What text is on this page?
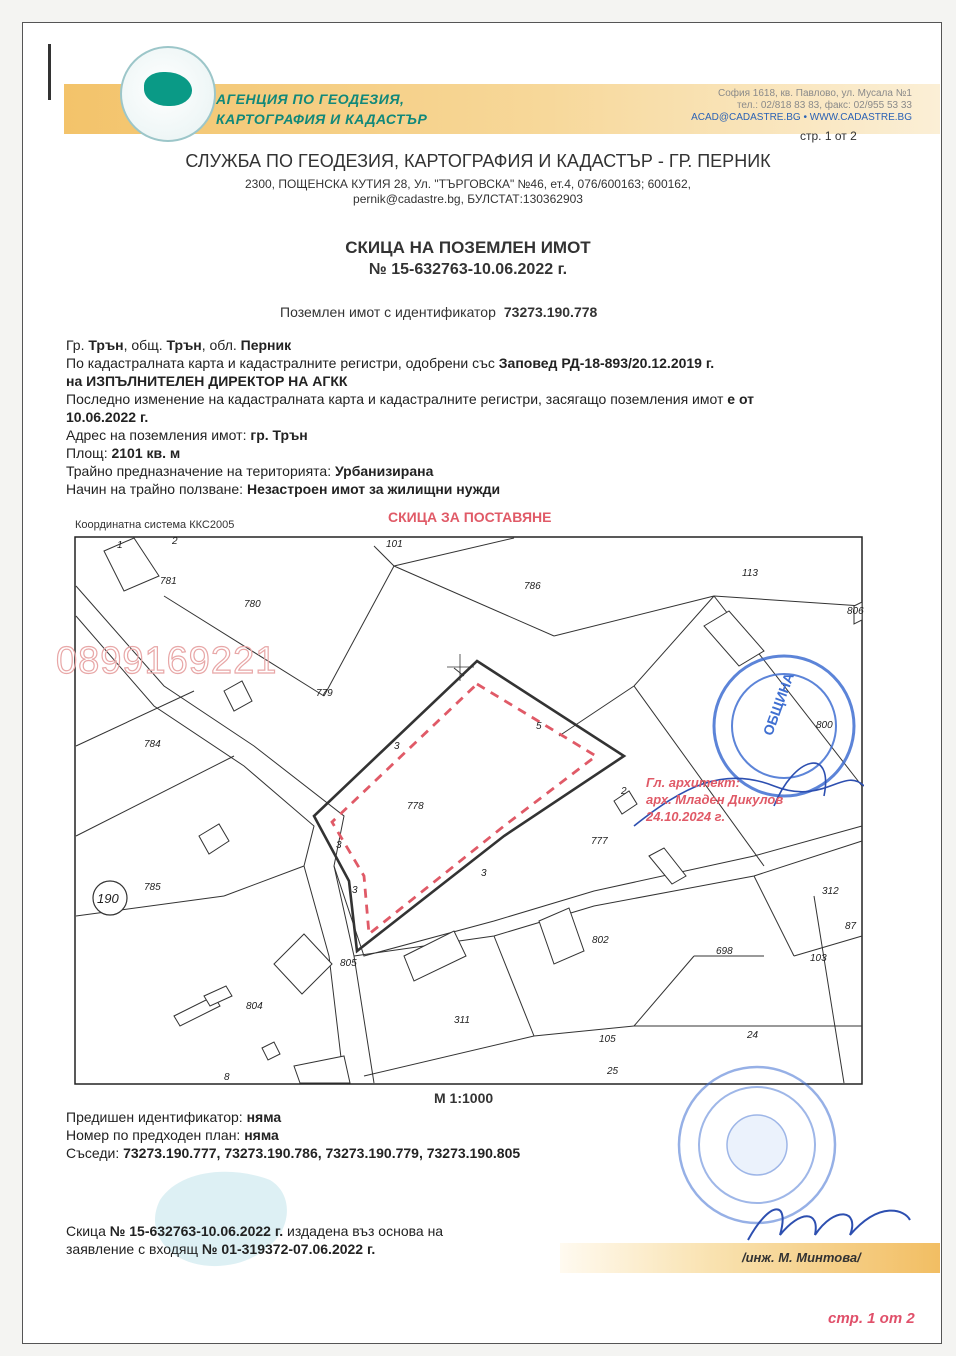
АГЕНЦИЯ ПО ГЕОДЕЗИЯ,
КАРТОГРАФИЯ И КАДАСТЪР
София 1618, кв. Павлово, ул. Мусала №1
тел.: 02/818 83 83, факс: 02/955 53 33
ACAD@CADASTRE.BG • WWW.CADASTRE.BG
стр. 1 от 2
СЛУЖБА ПО ГЕОДЕЗИЯ, КАРТОГРАФИЯ И КАДАСТЪР - ГР. ПЕРНИК
2300, ПОЩЕНСКА КУТИЯ 28, Ул. "ТЪРГОВСКА" №46, ет.4, 076/600163; 600162,
pernik@cadastre.bg, БУЛСТАТ:130362903
СКИЦА НА ПОЗЕМЛЕН ИМОТ
№ 15-632763-10.06.2022 г.
Поземлен имот с идентификатор 73273.190.778
Гр. Трън, общ. Трън, обл. Перник
По кадастралната карта и кадастралните регистри, одобрени със Заповед РД-18-893/20.12.2019 г.
на ИЗПЪЛНИТЕЛЕН ДИРЕКТОР НА АГКК
Последно изменение на кадастралната карта и кадастралните регистри, засягащо поземления имот е от
10.06.2022 г.
Адрес на поземления имот: гр. Трън
Площ: 2101 кв. м
Трайно предназначение на територията: Урбанизирана
Начин на трайно ползване: Незастроен имот за жилищни нужди
Координатна система ККС2005	СКИЦА ЗА ПОСТАВЯНЕ
101
786
113
781
780
806
779
784
778
800
777
785	312
87
802
698
103
805
804
311
24
105
25
1	2
8
190
3
5
3
3
3
2
ОБЩИНА
0899169221
Гл. архитект:
арх. Младен Дикулов
24.10.2024 г.
М 1:1000
Предишен идентификатор: няма
Номер по предходен план: няма
Съседи: 73273.190.777, 73273.190.786, 73273.190.779, 73273.190.805
Скица № 15-632763-10.06.2022 г. издадена въз основа на
заявление с входящ № 01-319372-07.06.2022 г.
/инж. М. Минтова/
стр. 1 от 2
